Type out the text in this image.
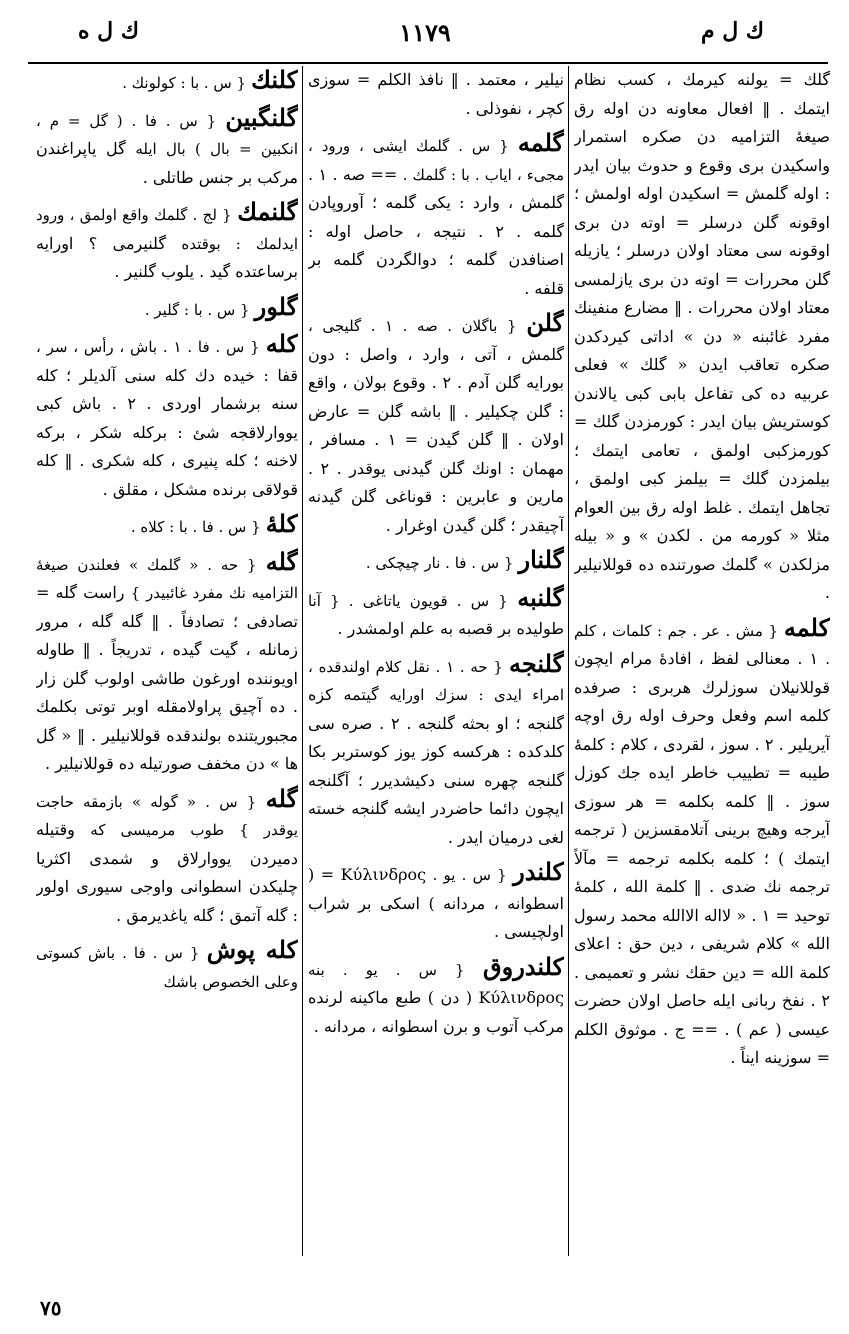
ك ل ه	١١٧٩	ك ل م

گلك = يولنه كيرمك ، كسب نظام ايتمك . ‖ افعال معاونه دن اوله رق صيغهٔ التزاميه دن صكره استمرار واسكيدن برى وقوع و حدوث بيان ايدر : اوله گلمش = اسكيدن اوله اولمش ؛ اوقونه گلن درسلر = اوته دن برى اوقونه سى معتاد اولان درسلر ؛ يازيله گلن محررات = اوته دن برى يازلمسى معتاد اولان محررات . ‖ مضارع منفينك مفرد غائبنه « دن » اداتى كيردكدن صكره تعاقب ايدن « گلك » فعلى عربيه ده كى تفاعل بابى كبى يالاندن كوستريش بيان ايدر : كورمزدن گلك = كورمزكبى اولمق ، تعامى ايتمك ؛ بيلمزدن گلك = بيلمز كبى اولمق ، تجاهل ايتمك . غلط اوله رق بين العوام مثلا « كورمه من . لكدن » و « بيله مزلكدن » گلمك صورتنده ده قوللانيلير .

كلمه { مش . عر . جم : كلمات ، كلم . ١ . معنالى لفظ ، افادهٔ مرام ايچون قوللانيلان سوزلرك هربرى : صرفده كلمه اسم وفعل وحرف اوله رق اوچه آيريلير . ٢ . سوز ، لقردى ، كلام : كلمهٔ طيبه = تطييب خاطر ايده جك كوزل سوز . ‖ كلمه بكلمه = هر سوزى آيرجه وهيچ برينى آتلامقسزين ( ترجمه ايتمك ) ؛ كلمه بكلمه ترجمه = مآلاً ترجمه نك ضدى . ‖ كلمة الله ، كلمهٔ توحيد = ١ . « لااله الاالله محمد رسول الله » كلام شريفى ، دين حق : اعلاى كلمة الله = دين حقك نشر و تعميمى . ٢ . نفخ ربانى ايله حاصل اولان حضرت عيسى ( عم ) . == ج . موثوق الكلم = سوزينه ايناً .

نيلير ، معتمد . ‖ نافذ الكلم = سوزى كچر ، نفوذلى .

گلمه { س . گلمك ايشى ، ورود ، مجىء ، اياب . با : گلمك . == صه . ١ . گلمش ، وارد : يكى گلمه ؛ آوروپادن گلمه . ٢ . نتيجه ، حاصل اوله : اصنافدن گلمه ؛ دوالگردن گلمه بر قلفه .

گلن { باگلان . صه . ١ . گليجى ، گلمش ، آتى ، وارد ، واصل : دون بورايه گلن آدم . ٢ . وقوع بولان ، واقع : گلن چكيلير . ‖ باشه گلن = عارض اولان . ‖ گلن گيدن = ١ . مسافر ، مهمان : اونك گلن گيدنى يوقدر . ٢ . مارين و عابرين : قوناغى گلن گيدنه آچيقدر ؛ گلن گيدن اوغرار .

گلنار { س . فا . نار چيچكى .

گلنبه { س . قويون ياتاغى . { آنا طوليده بر قصبه به علم اولمشدر .

گلنجه { حه . ١ . نقل كلام اولندقده ، امراء ايدى : سزك اورايه گيتمه كزه گلنجه ؛ او بحثه گلنجه . ٢ . صره سى كلدكده : هركسه كوز يوز كوستربر بكا گلنجه چهره سنى دكيشديرر ؛ آگلنجه ايچون دائما حاضردر ايشه گلنجه خسته لغى درميان ايدر .

كلندر { س . يو . = Κύλινδρος ( اسطوانه ، مردانه ) اسكى بر شراب اولچيسى .

كلندروق { س . يو . بنه Κύλινδρος ( دن ) طبع ماكينه لرنده مركب آتوب و برن اسطوانه ، مردانه .

كلنك { س . با : كولونك .

گلنگبين { س . فا . ( گل = م ، انكبين = بال ) بال ايله گل ياپراغندن مركب بر جنس طاتلى .

گلنمك { لج . گلمك واقع اولمق ، ورود ايدلمك : بوقتده گلنيرمى ؟ اورايه برساعتده گيد . يلوب گلنير .

گلور { س . با : گلير .

كله { س . فا . ١ . باش ، رأس ، سر ، قفا : خيده دك كله سنى آلديلر ؛ كله سنه برشمار اوردى . ٢ . باش كبى يووارلاقجه شئ : بركله شكر ، بركه لاخنه ؛ كله پنيرى ، كله شكرى . ‖ كله قولاقى برنده مشكل ، مقلق .

كلهٔ { س . فا . با : كلاه .

گله { حه . « گلمك » فعلندن صيغهٔ التزاميه نك مفرد غائبيدر } راست گله = تصادفى ؛ تصادفاً . ‖ گله گله ، مرور زمانله ، گيت گيده ، تدريجاً . ‖ طاوله اويوننده اورغون طاشى اولوب گلن زار . ده آچيق پراولامقله اوبر توتى بكلمك مجبوريتنده بولندقده قوللانيلير . ‖ « گل ها » دن مخفف صورتيله ده قوللانيلير .

گله { س . « گوله » بازمقه حاجت يوقدر } طوب مرميسى كه وقتيله دميردن يووارلاق و شمدى اكثريا چليكدن اسطوانى واوجى سيورى اولور : گله آتمق ؛ گله ياغديرمق .

كله پوش { س . فا . باش كسوتى وعلى الخصوص باشك

٧٥
